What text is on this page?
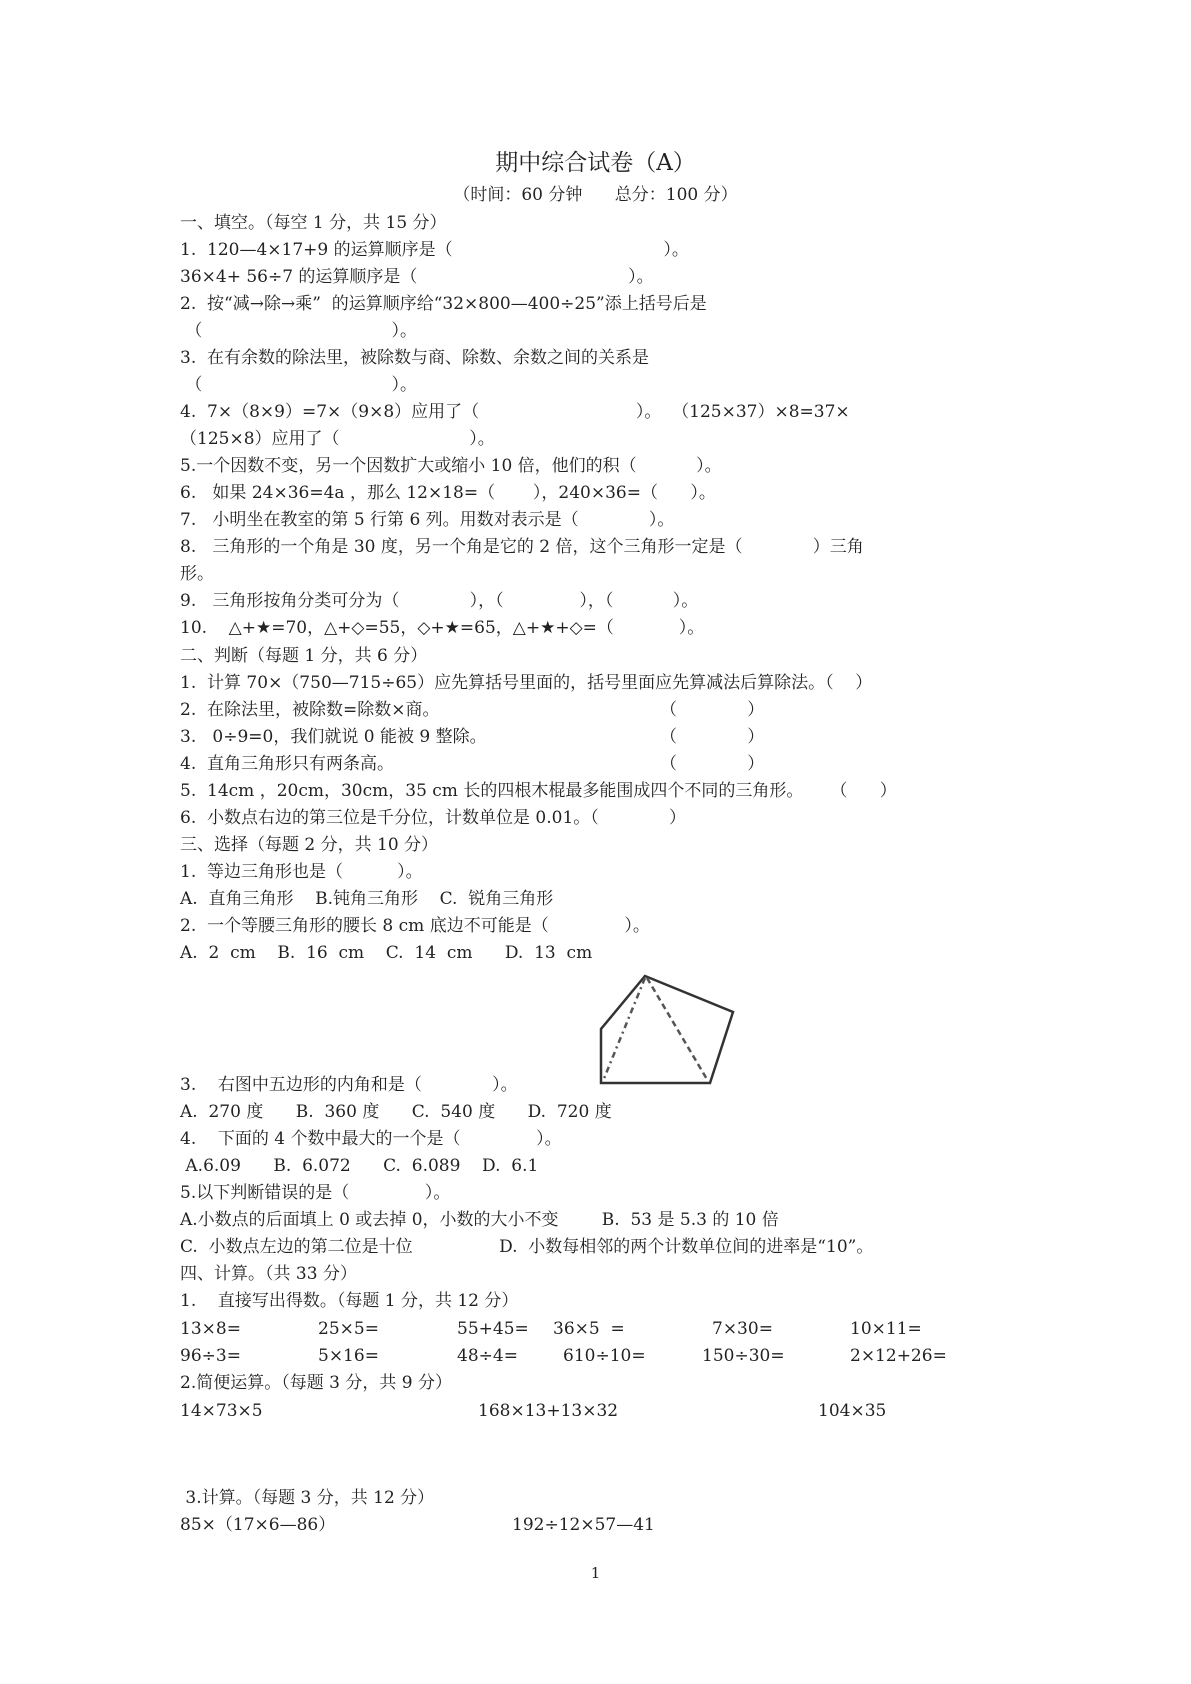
期中综合试卷（A）
（时间：60 分钟      总分：100 分）
一、填空。（每空 1 分，共 15 分）
1.  120—4×17+9 的运算顺序是（                                       ）。
36×4+ 56÷7 的运算顺序是（                                       ）。
2.  按“减→除→乘”  的运算顺序给“32×800—400÷25”添上括号后是
（                                   ）。
3.  在有余数的除法里，被除数与商、除数、余数之间的关系是
（                                   ）。
4.  7×（8×9）=7×（9×8）应用了（                             ）。  （125×37）×8=37×
（125×8）应用了（                        ）。
5.一个因数不变，另一个因数扩大或缩小 10 倍，他们的积（           ）。
6.   如果 24×36=4a ，那么 12×18=（       ），240×36=（      ）。
7.   小明坐在教室的第 5 行第 6 列。用数对表示是（             ）。
8.   三角形的一个角是 30 度，另一个角是它的 2 倍，这个三角形一定是（             ）三角
形。
9.   三角形按角分类可分为（             ），（              ），（           ）。
10.    △+★=70，△+◇=55，◇+★=65，△+★+◇=（            ）。
二、判断（每题 1 分，共 6 分）
1.  计算 70×（750—715÷65）应先算括号里面的，括号里面应先算减法后算除法。（    ）
2.  在除法里，被除数=除数×商。	（             ）
3.   0÷9=0，我们就说 0 能被 9 整除。	（             ）
4.  直角三角形只有两条高。	（             ）
5.  14cm ，20cm，30cm，35 cm 长的四根木棍最多能围成四个不同的三角形。     （      ）
6.  小数点右边的第三位是千分位，计数单位是 0.01。（             ）
三、选择（每题 2 分，共 10 分）
1.  等边三角形也是（          ）。
A.  直角三角形    B.钝角三角形    C.  锐角三角形
2.  一个等腰三角形的腰长 8 cm 底边不可能是（              ）。
A.  2  cm    B.  16  cm    C.  14  cm      D.  13  cm
3.    右图中五边形的内角和是（             ）。
A.  270 度      B.  360 度      C.  540 度      D.  720 度
4.    下面的 4 个数中最大的一个是（              ）。
A.6.09      B.  6.072      C.  6.089    D.  6.1
5.以下判断错误的是（              ）。
A.小数点的后面填上 0 或去掉 0，小数的大小不变        B.  53 是 5.3 的 10 倍
C.  小数点左边的第二位是十位                D.  小数每相邻的两个计数单位间的进率是“10”。
四、计算。（共 33 分）
1.    直接写出得数。（每题 1 分，共 12 分）
13×8=	25×5=	55+45= 36×5  =	7×30=	10×11=
96÷3=	5×16=	48÷4=	610÷10=	150÷30=	2×12+26=
2.简便运算。（每题 3 分，共 9 分）
14×73×5	168×13+13×32	104×35
3.计算。（每题 3 分，共 12 分）
85×（17×6—86）	192÷12×57—41
1
